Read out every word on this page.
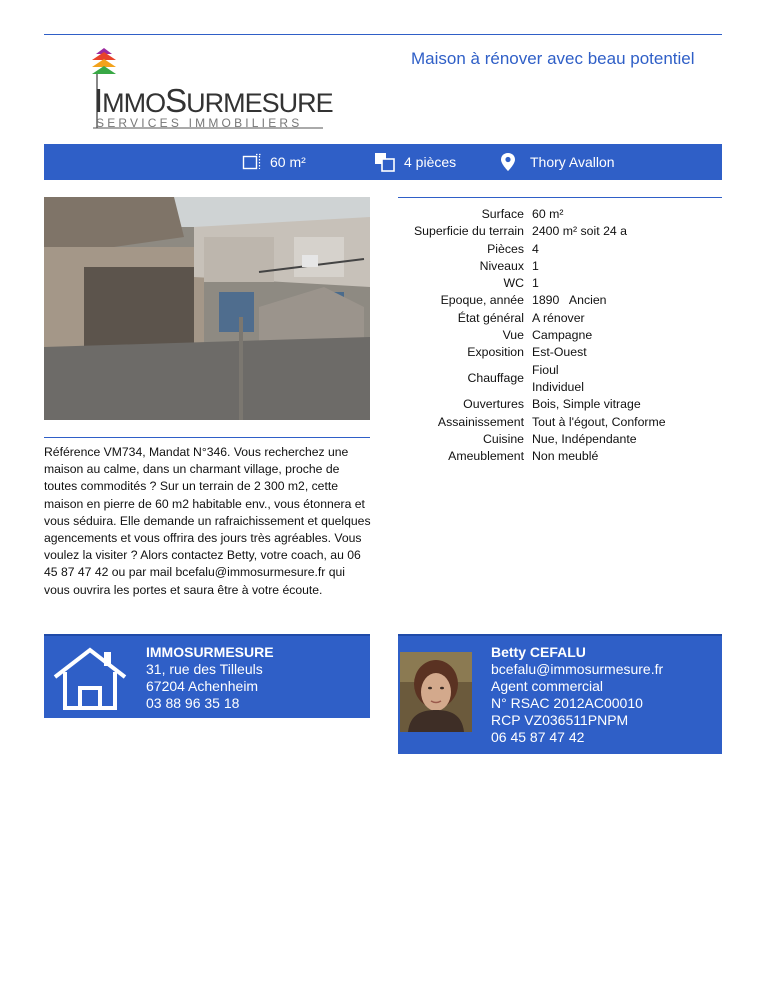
IMMOSURMESURE
SERVICES IMMOBILIERS
Maison à rénover avec beau potentiel
60 m²	4 pièces	Thory Avallon
Référence VM734, Mandat N°346. Vous recherchez une maison au calme, dans un charmant village, proche de toutes commodités ? Sur un terrain de 2 300 m2, cette maison en pierre de 60 m2 habitable env., vous étonnera et vous séduira. Elle demande un rafraichissement et quelques agencements et vous offrira des jours très agréables. Vous voulez la visiter ? Alors contactez Betty, votre coach, au 06 45 87 47 42 ou par mail bcefalu@immosurmesure.fr qui vous ouvrira les portes et saura être à votre écoute.
Surface	60 m²
Superficie du terrain	2400 m² soit 24 a
Pièces	4
Niveaux	1
WC	1
Epoque, année	1890   Ancien
État général	A rénover
Vue	Campagne
Exposition	Est-Ouest
Chauffage	Fioul
Individuel

Ouvertures	Bois, Simple vitrage
Assainissement	Tout à l'égout, Conforme
Cuisine	Nue, Indépendante
Ameublement	Non meublé
IMMOSURMESURE
31, rue des Tilleuls
67204 Achenheim
03 88 96 35 18
Betty CEFALU
bcefalu@immosurmesure.fr
Agent commercial
N° RSAC 2012AC00010
RCP VZ036511PNPM
06 45 87 47 42
